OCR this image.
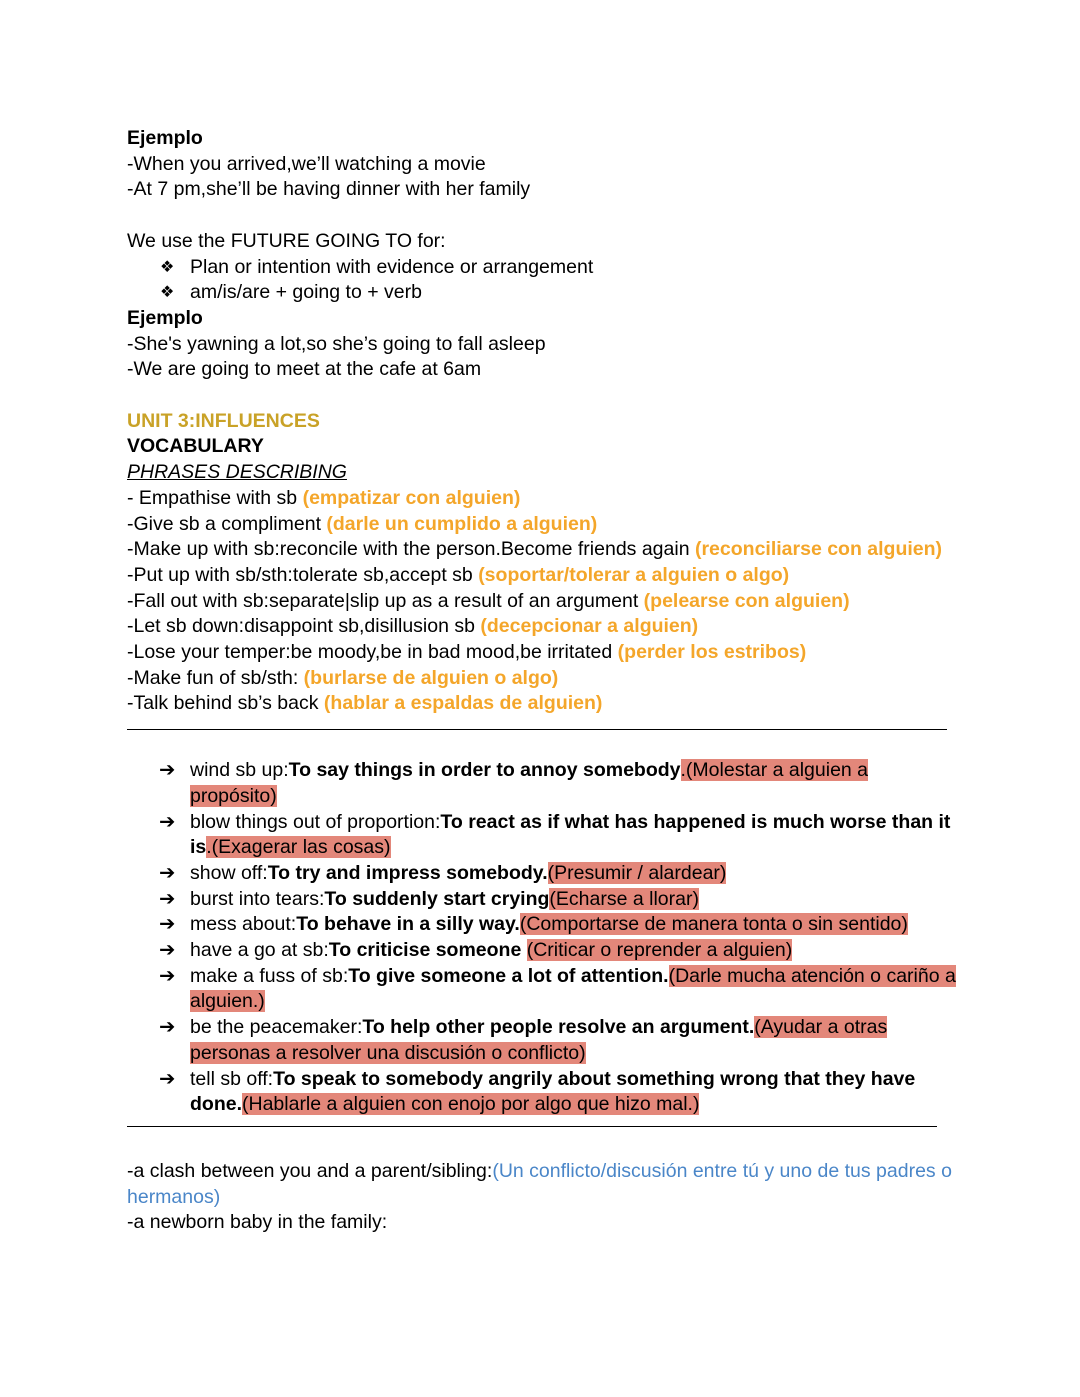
Ejemplo
-When you arrived,we’ll watching a movie
-At 7 pm,she’ll be having dinner with her family
We use the FUTURE GOING TO for:
❖ Plan or intention with evidence or arrangement
❖ am/is/are + going to + verb
Ejemplo
-She's yawning a lot,so she’s going to fall asleep
-We are going to meet at the cafe at 6am
UNIT 3:INFLUENCES
VOCABULARY
PHRASES DESCRIBING
- Empathise with sb (empatizar con alguien)
-Give sb a compliment (darle un cumplido a alguien)
-Make up with sb:reconcile with the person.Become friends again (reconciliarse con alguien)
-Put up with sb/sth:tolerate sb,accept sb (soportar/tolerar a alguien o algo)
-Fall out with sb:separate|slip up as a result of an argument (pelearse con alguien)
-Let sb down:disappoint sb,disillusion sb (decepcionar a alguien)
-Lose your temper:be moody,be in bad mood,be irritated (perder los estribos)
-Make fun of sb/sth: (burlarse de alguien o algo)
-Talk behind sb’s back (hablar a espaldas de alguien)
➔ wind sb up:To say things in order to annoy somebody.(Molestar a alguien a propósito)
➔ blow things out of proportion:To react as if what has happened is much worse than it is.(Exagerar las cosas)
➔ show off:To try and impress somebody.(Presumir / alardear)
➔ burst into tears:To suddenly start crying(Echarse a llorar)
➔ mess about:To behave in a silly way.(Comportarse de manera tonta o sin sentido)
➔ have a go at sb:To criticise someone (Criticar o reprender a alguien)
➔ make a fuss of sb:To give someone a lot of attention.(Darle mucha atención o cariño a alguien.)
➔ be the peacemaker:To help other people resolve an argument.(Ayudar a otras personas a resolver una discusión o conflicto)
➔ tell sb off:To speak to somebody angrily about something wrong that they have done.(Hablarle a alguien con enojo por algo que hizo mal.)
-a clash between you and a parent/sibling:(Un conflicto/discusión entre tú y uno de tus padres o hermanos)
-a newborn baby in the family:
